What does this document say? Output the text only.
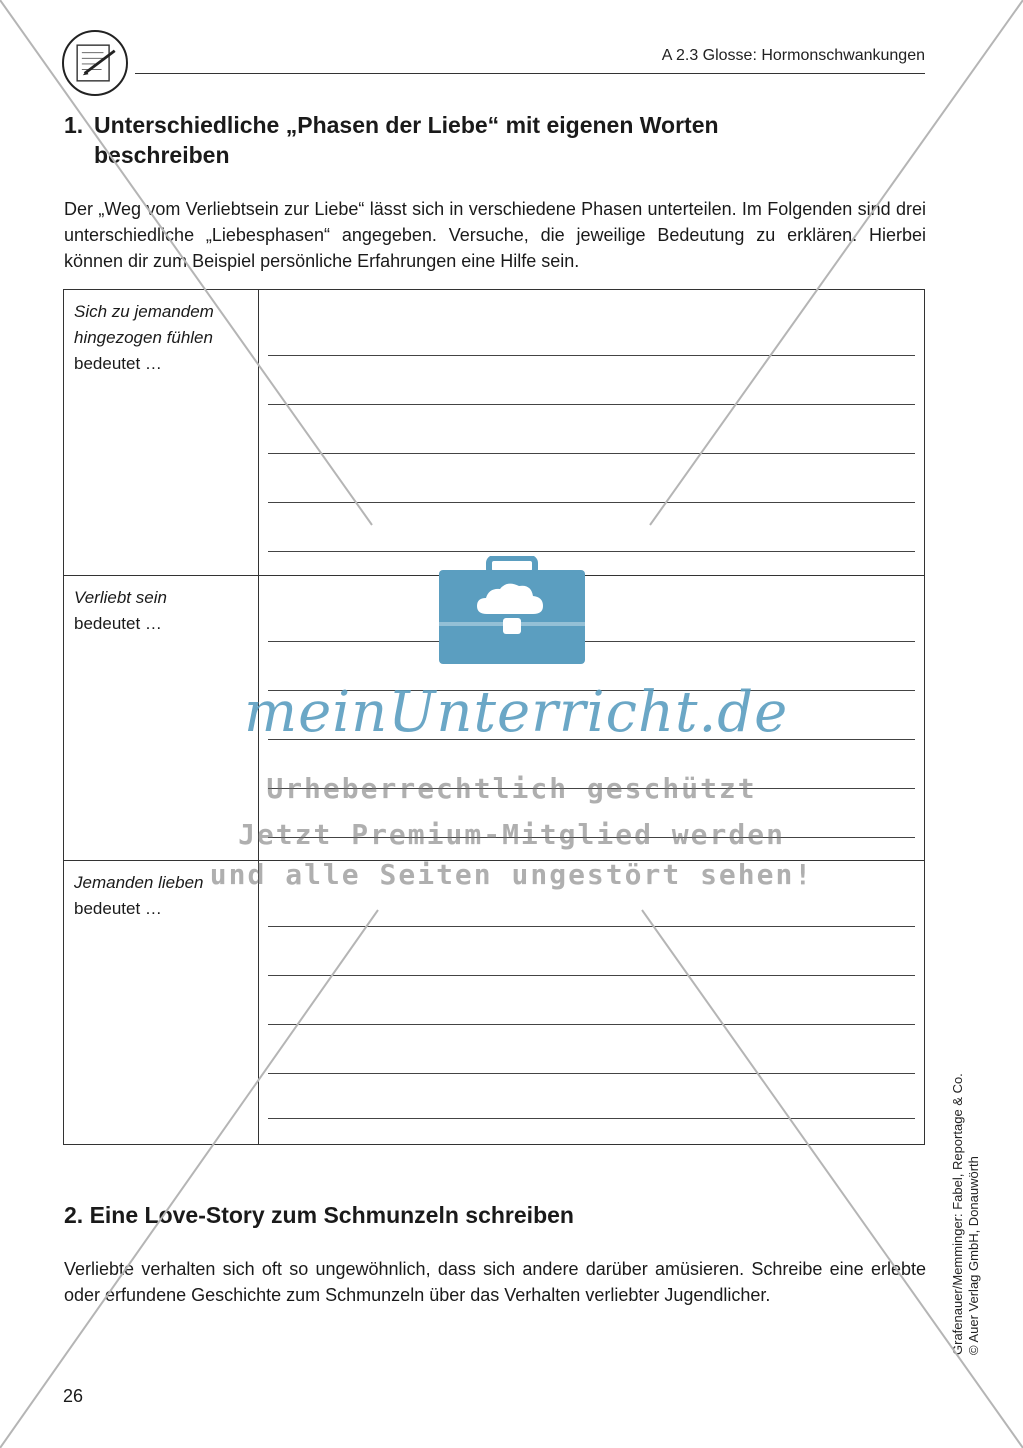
A 2.3 Glosse: Hormonschwankungen
1. Unterschiedliche „Phasen der Liebe“ mit eigenen Worten
beschreiben

Der „Weg vom Verliebtsein zur Liebe“ lässt sich in verschiedene Phasen unterteilen. Im Folgenden sind drei unterschiedliche „Liebesphasen“ angegeben. Versuche, die jeweilige Bedeutung zu erklären. Hierbei können dir zum Beispiel persönliche Erfahrungen eine Hilfe sein.

Sich zu jemandem
hingezogen fühlen
bedeutet …
Verliebt sein
bedeutet …
Jemanden lieben
bedeutet …
2. Eine Love-Story zum Schmunzeln schreiben

Verliebte verhalten sich oft so ungewöhnlich, dass sich andere darüber amüsieren. Schreibe eine erlebte oder erfundene Geschichte zum Schmunzeln über das Verhalten verliebter Jugendlicher.

26
Grafenauer/Memminger: Fabel, Reportage & Co. © Auer Verlag GmbH, Donauwörth
meinUnterricht.de
Urheberrechtlich geschützt
Jetzt Premium-Mitglied werden
und alle Seiten ungestört sehen!
